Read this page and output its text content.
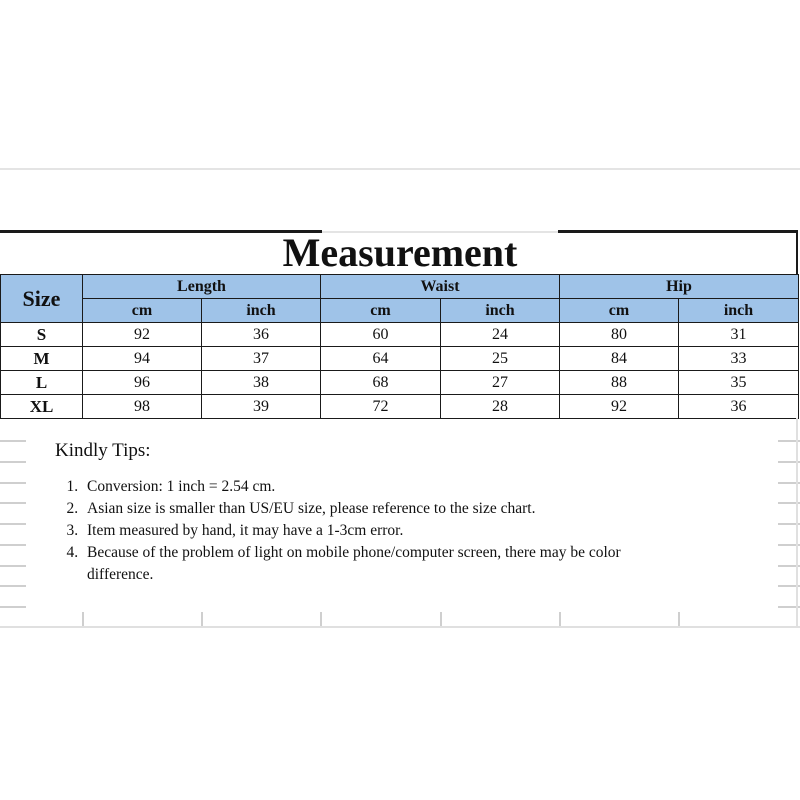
Measurement
Size	Length		Waist		Hip	
	cm	inch	cm	inch	cm	inch
S	92	36	60	24	80	31
M	94	37	64	25	84	33
L	96	38	68	27	88	35
XL	98	39	72	28	92	36
Kindly Tips:
1. Conversion: 1 inch = 2.54 cm.
2. Asian size is smaller than US/EU size, please reference to the size chart.
3. Item measured by hand, it may have a 1-3cm error.
4. Because of the problem of light on mobile phone/computer screen, there may be color difference.
